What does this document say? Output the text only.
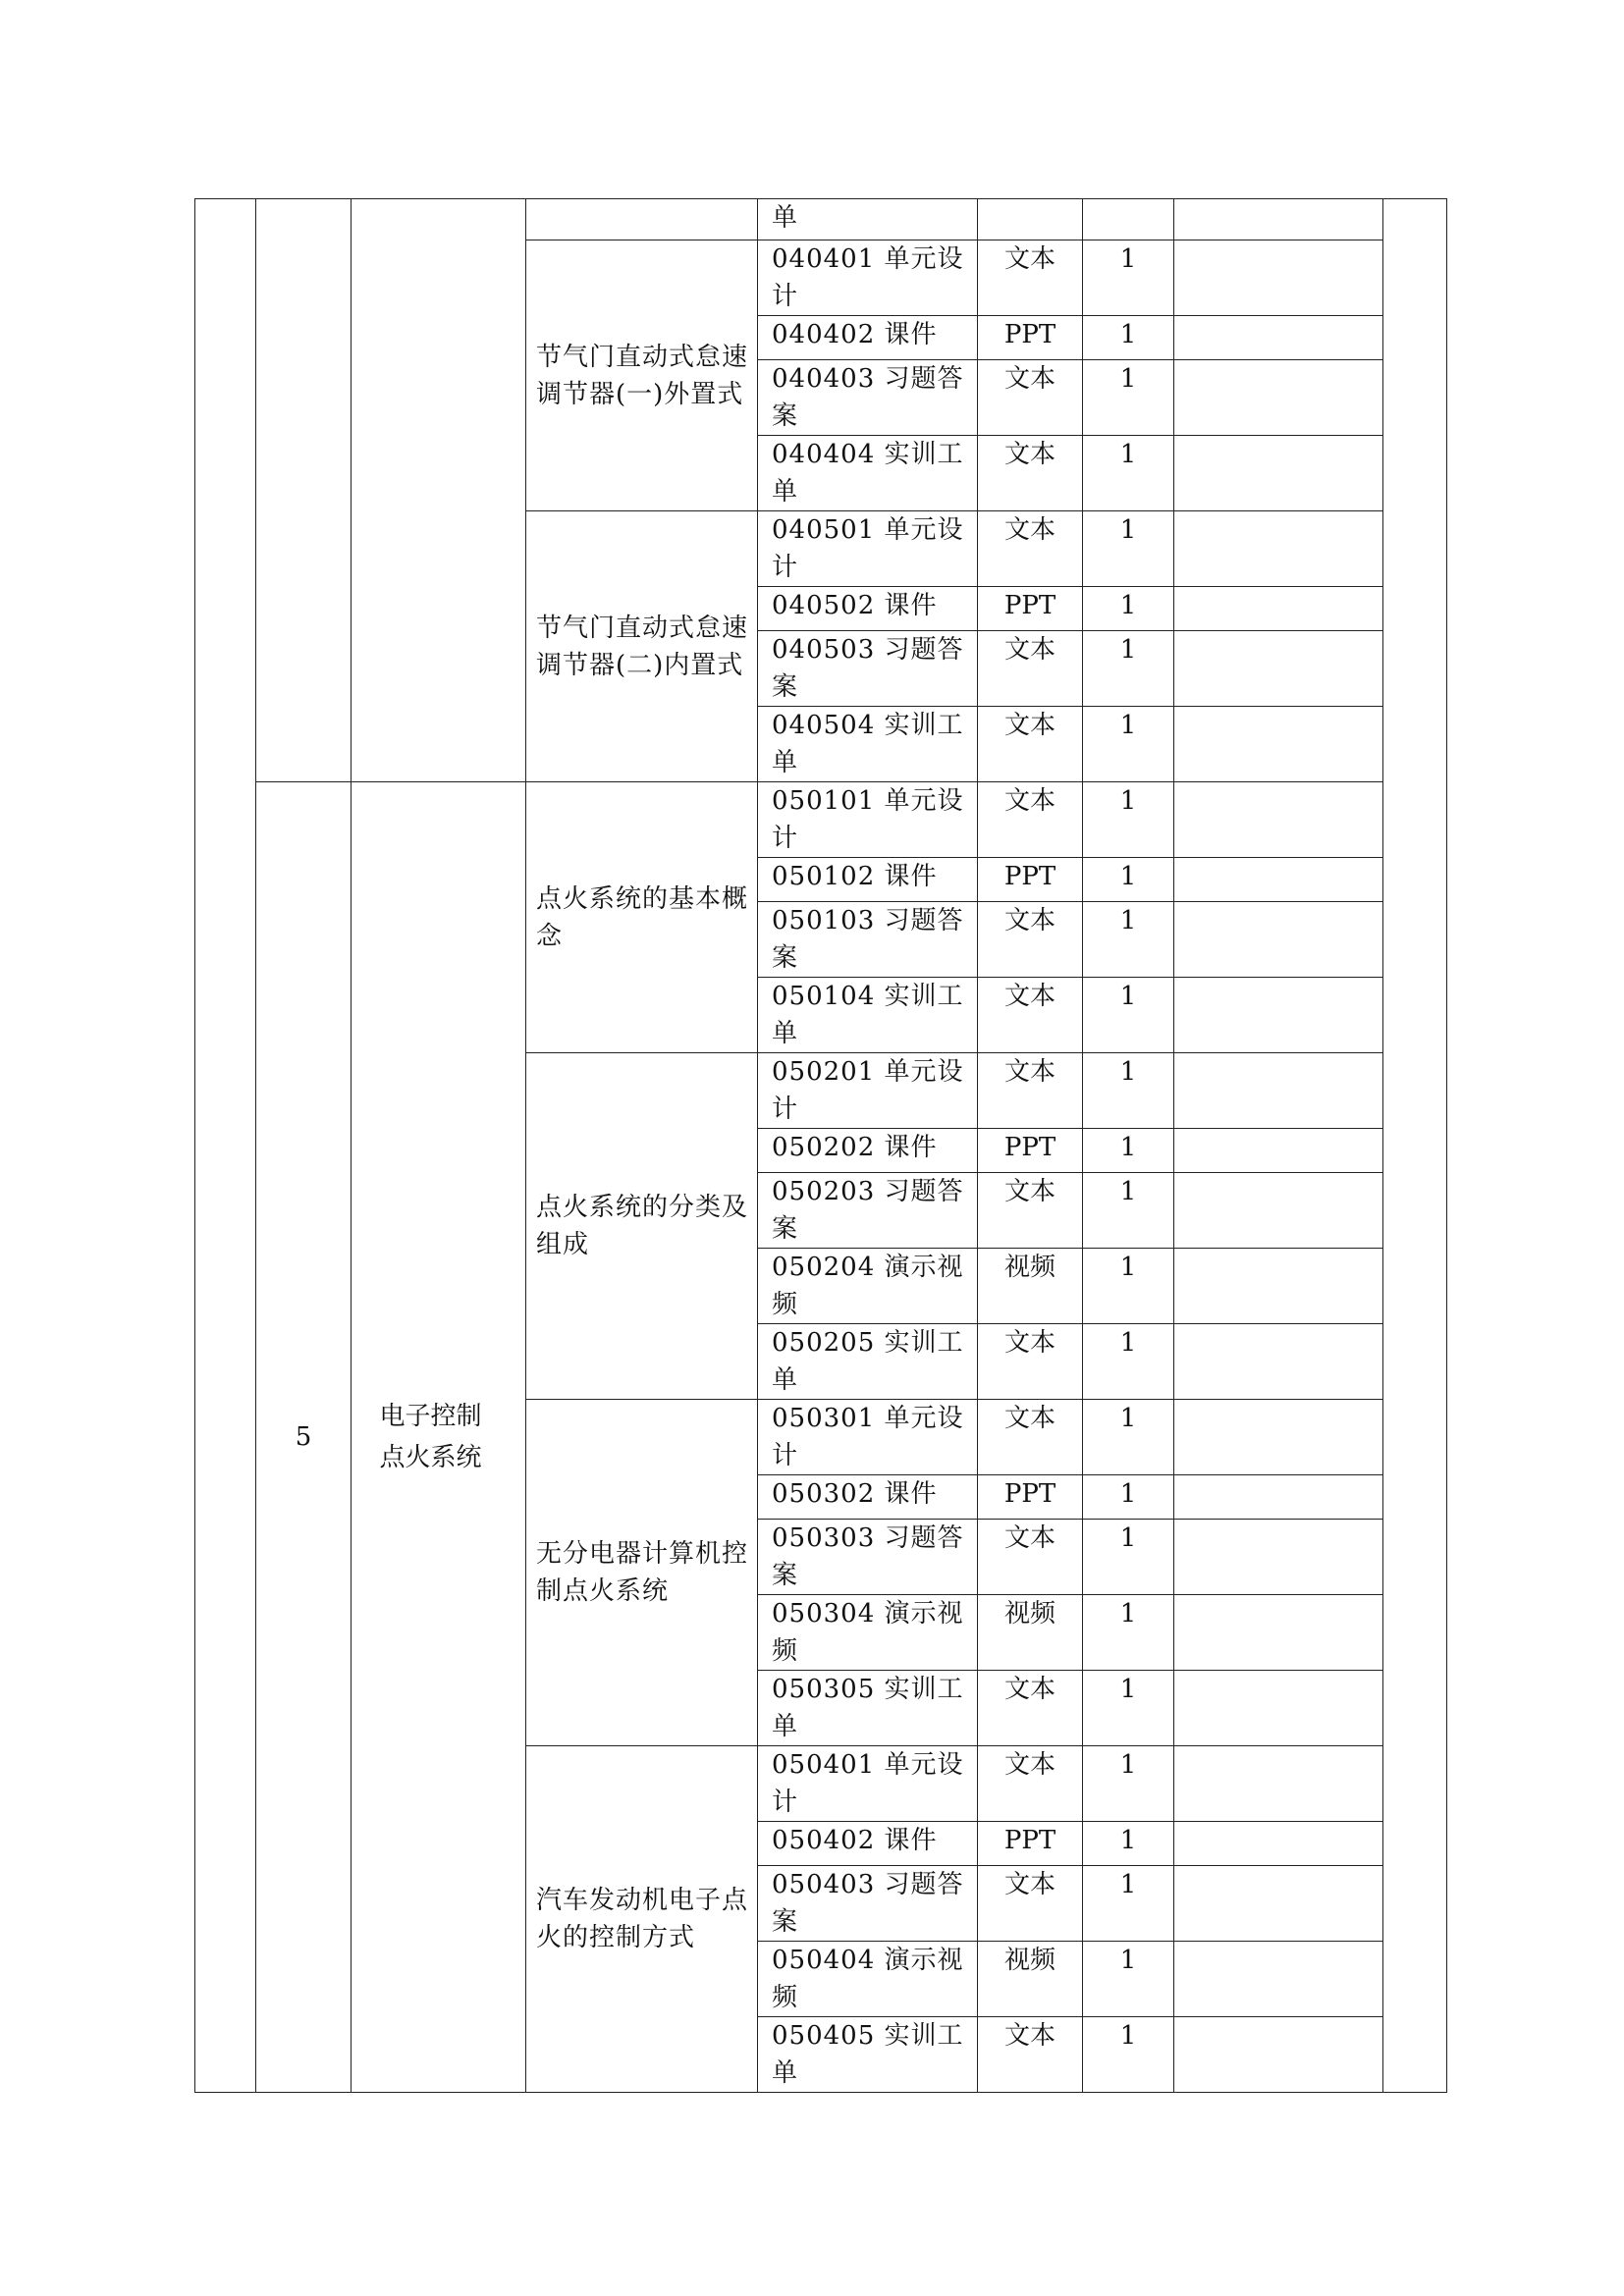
				单				
			节气门直动式怠速调节器(一)外置式	040401 单元设计	文本	1		
				040402 课件	PPT	1		
				040403 习题答案	文本	1		
				040404 实训工单	文本	1		
			节气门直动式怠速调节器(二)内置式	040501 单元设计	文本	1		
				040502 课件	PPT	1		
				040503 习题答案	文本	1		
				040504 实训工单	文本	1		
	5	电子控制点火系统	点火系统的基本概念	050101 单元设计	文本	1		
				050102 课件	PPT	1		
				050103 习题答案	文本	1		
				050104 实训工单	文本	1		
			点火系统的分类及组成	050201 单元设计	文本	1		
				050202 课件	PPT	1		
				050203 习题答案	文本	1		
				050204 演示视频	视频	1		
				050205 实训工单	文本	1		
			无分电器计算机控制点火系统	050301 单元设计	文本	1		
				050302 课件	PPT	1		
				050303 习题答案	文本	1		
				050304 演示视频	视频	1		
				050305 实训工单	文本	1		
			汽车发动机电子点火的控制方式	050401 单元设计	文本	1		
				050402 课件	PPT	1		
				050403 习题答案	文本	1		
				050404 演示视频	视频	1		
				050405 实训工单	文本	1		
